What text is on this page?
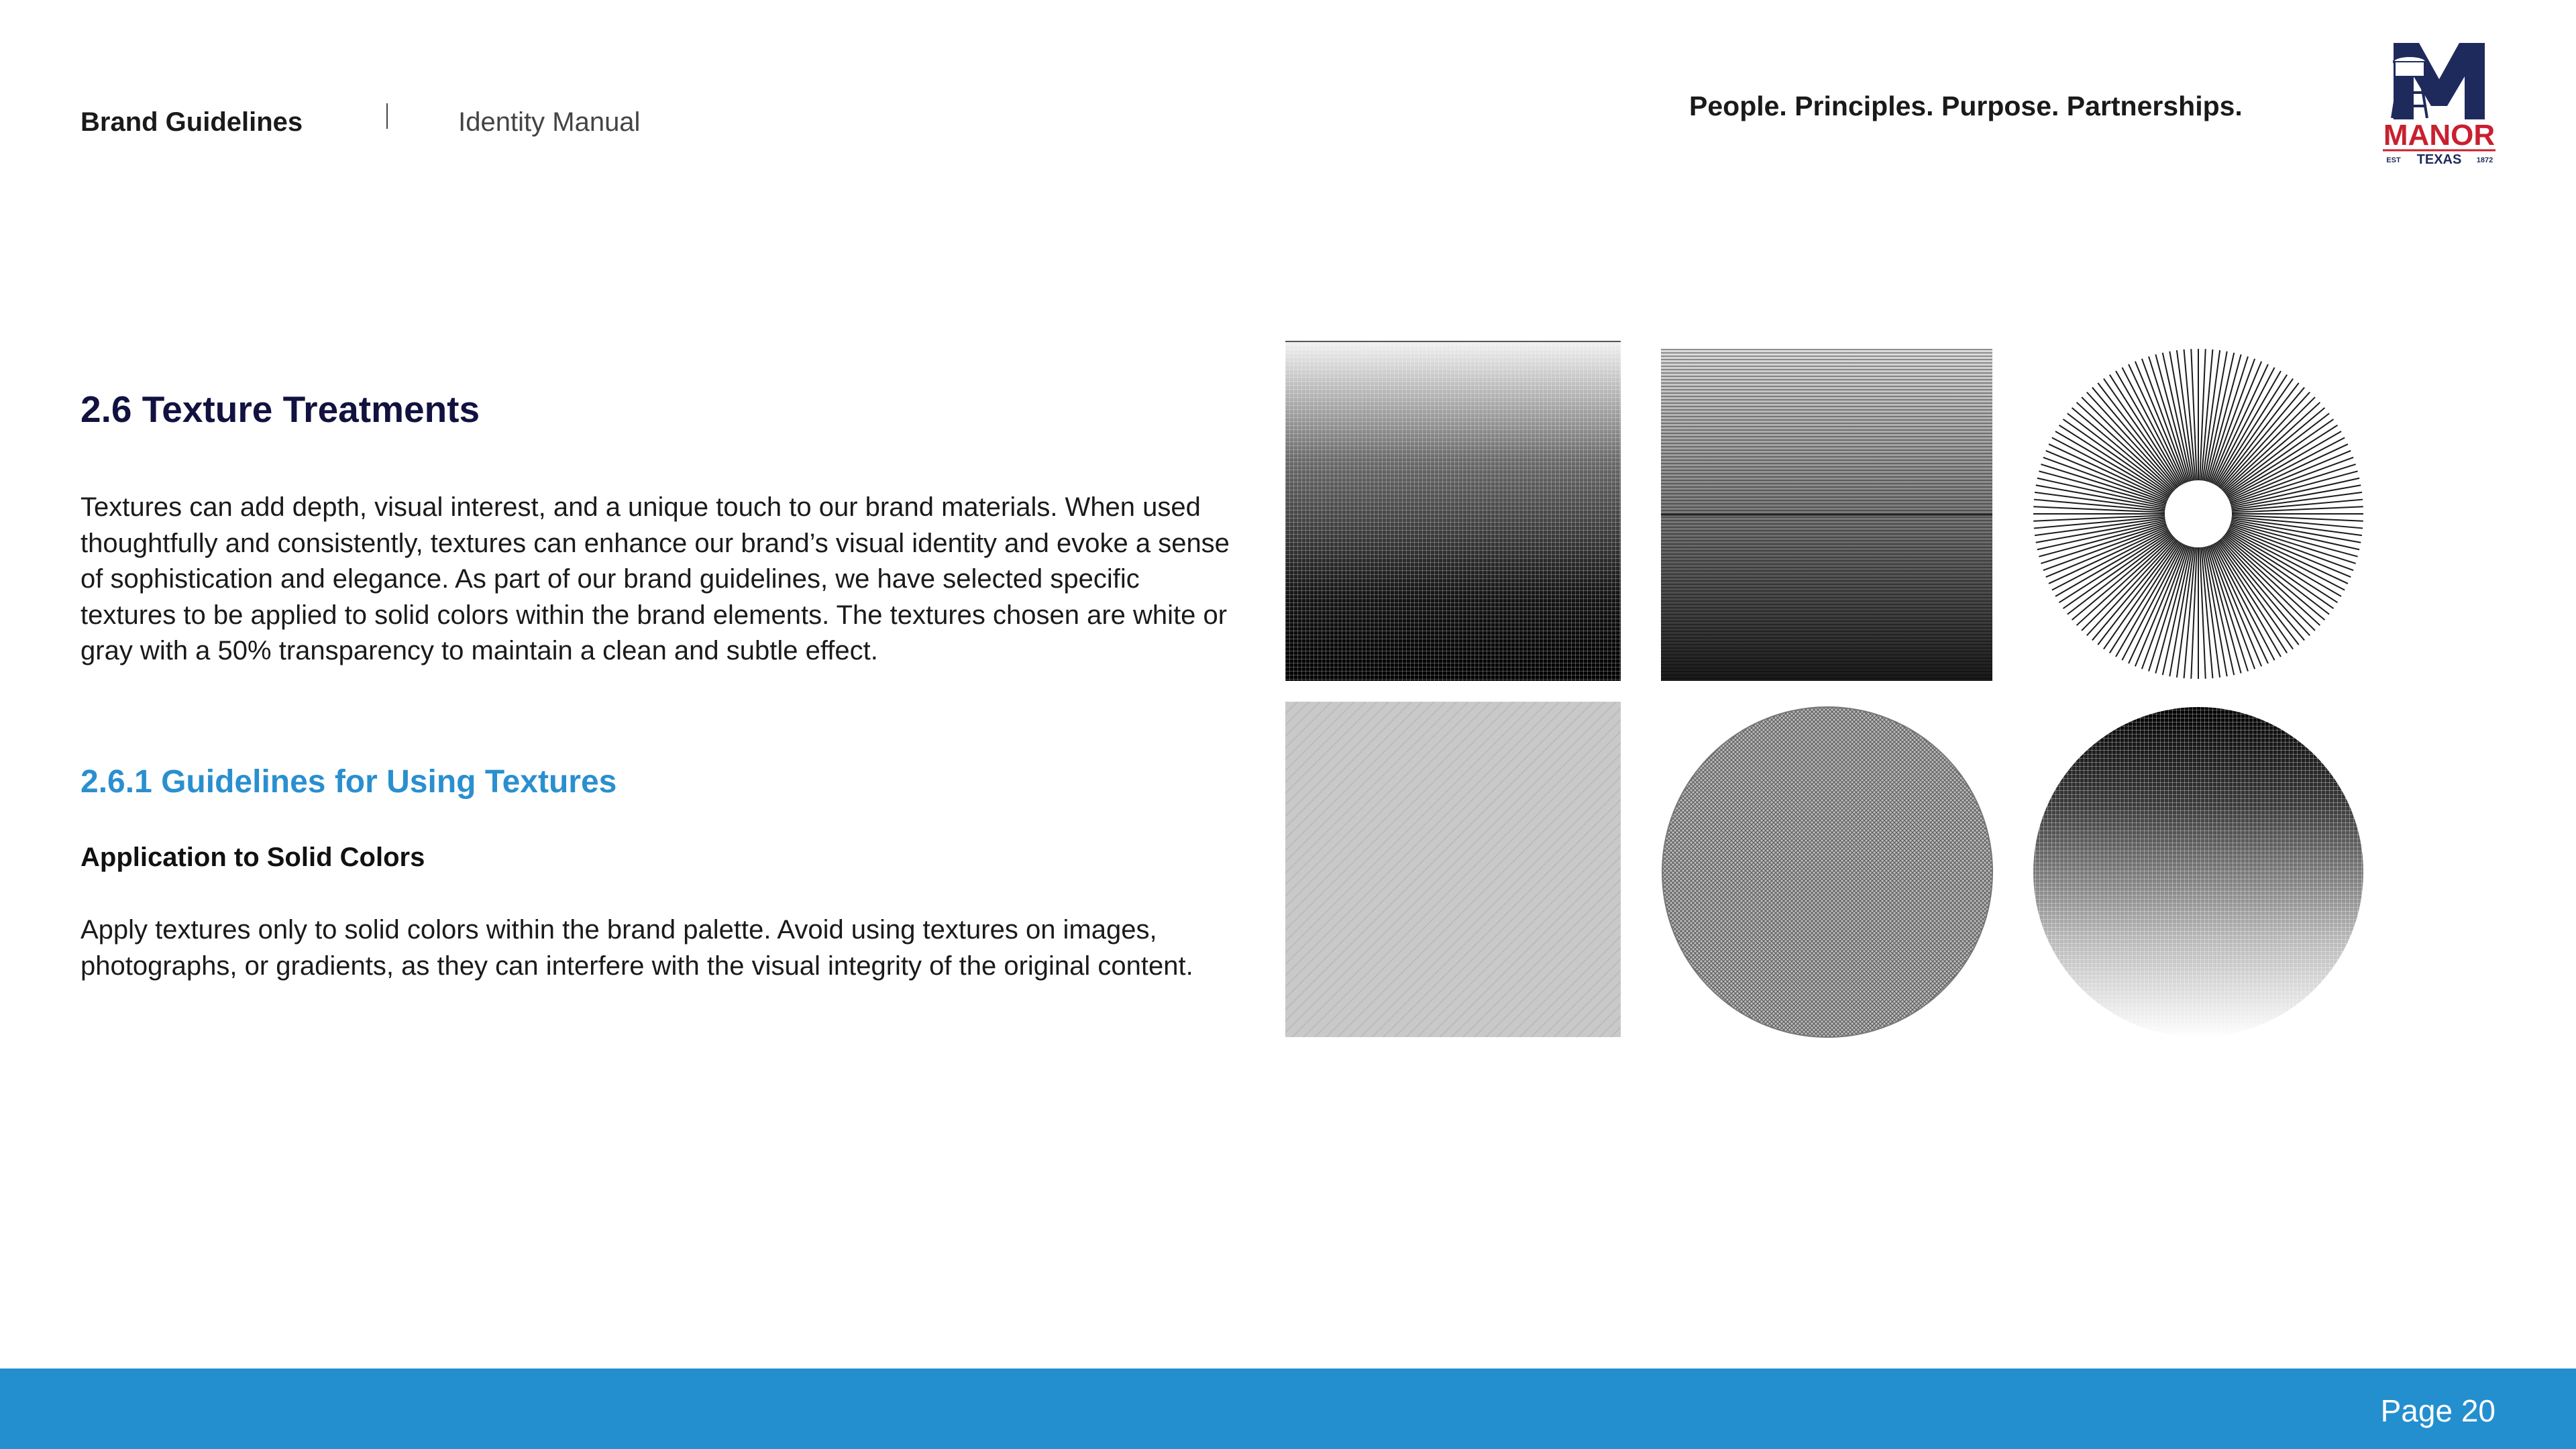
Brand Guidelines	Identity Manual
People. Principles. Purpose. Partnerships.
MANOR
EST TEXAS 1872
2.6 Texture Treatments

Textures can add depth, visual interest, and a unique touch to our brand materials. When used thoughtfully and consistently, textures can enhance our brand’s visual identity and evoke a sense of sophistication and elegance. As part of our brand guidelines, we have selected specific textures to be applied to solid colors within the brand elements. The textures chosen are white or gray with a 50% transparency to maintain a clean and subtle effect.

2.6.1 Guidelines for Using Textures
Application to Solid Colors

Apply textures only to solid colors within the brand palette. Avoid using textures on images, photographs, or gradients, as they can interfere with the visual integrity of the original content.

Page 20
